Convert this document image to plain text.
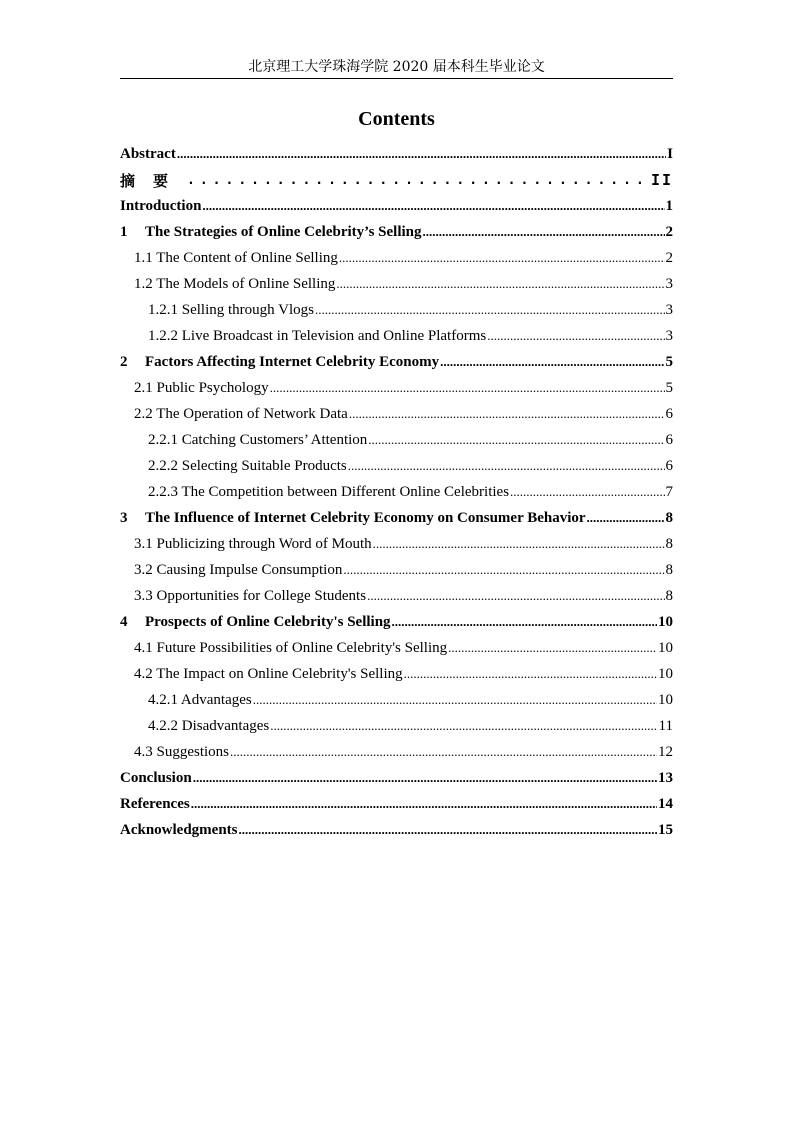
北京理工大学珠海学院 2020 届本科生毕业论文
Contents
Abstract .....	I
摘要 .....	II
Introduction .....	1
1	The Strategies of Online Celebrity’s Selling .....	2
1.1 The Content of Online Selling .....	2
1.2 The Models of Online Selling .....	3
1.2.1 Selling through Vlogs .....	3
1.2.2 Live Broadcast in Television and Online Platforms .....	3
2	Factors Affecting Internet Celebrity Economy .....	5
2.1 Public Psychology .....	5
2.2 The Operation of Network Data .....	6
2.2.1 Catching Customers’ Attention .....	6
2.2.2 Selecting Suitable Products .....	6
2.2.3 The Competition between Different Online Celebrities .....	7
3	The Influence of Internet Celebrity Economy on Consumer Behavior .....	8
3.1 Publicizing through Word of Mouth .....	8
3.2 Causing Impulse Consumption .....	8
3.3 Opportunities for College Students .....	8
4	Prospects of Online Celebrity's Selling .....	10
4.1 Future Possibilities of Online Celebrity's Selling .....	10
4.2 The Impact on Online Celebrity's Selling .....	10
4.2.1 Advantages .....	10
4.2.2 Disadvantages .....	11
4.3 Suggestions .....	12
Conclusion .....	13
References .....	14
Acknowledgments .....	15
